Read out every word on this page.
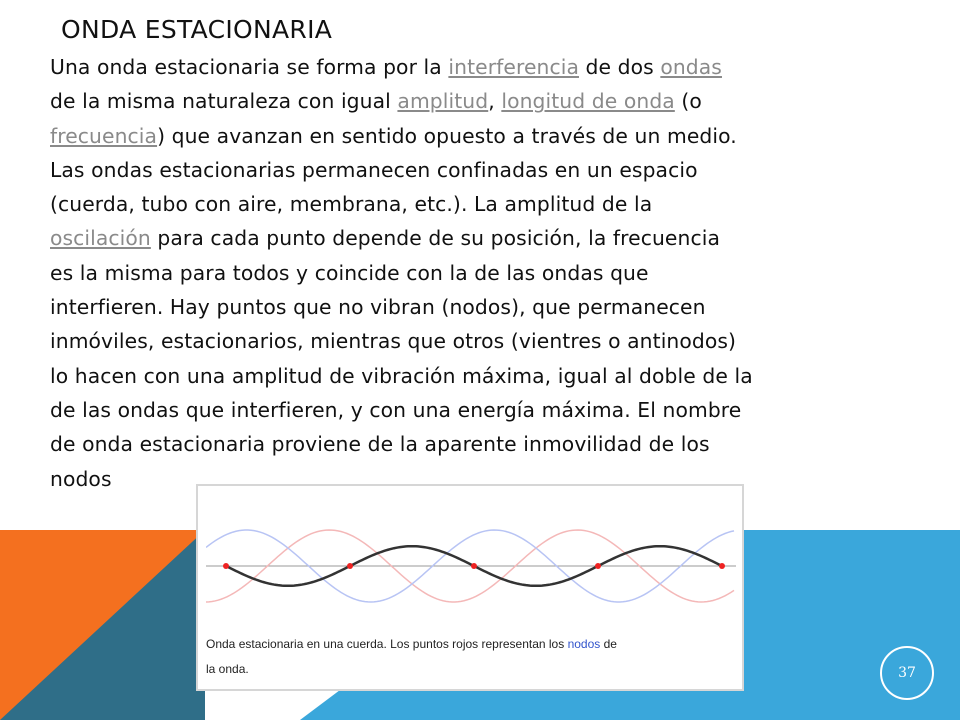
ONDA ESTACIONARIA
Una onda estacionaria se forma por la interferencia de dos ondas
de la misma naturaleza con igual amplitud, longitud de onda (o
frecuencia) que avanzan en sentido opuesto a través de un medio.
Las ondas estacionarias permanecen confinadas en un espacio
(cuerda, tubo con aire, membrana, etc.). La amplitud de la
oscilación para cada punto depende de su posición, la frecuencia
es la misma para todos y coincide con la de las ondas que
interfieren. Hay puntos que no vibran (nodos), que permanecen
inmóviles, estacionarios, mientras que otros (vientres o antinodos)
lo hacen con una amplitud de vibración máxima, igual al doble de la
de las ondas que interfieren, y con una energía máxima. El nombre
de onda estacionaria proviene de la aparente inmovilidad de los
nodos
Onda estacionaria en una cuerda. Los puntos rojos representan los nodos de
la onda.	37
